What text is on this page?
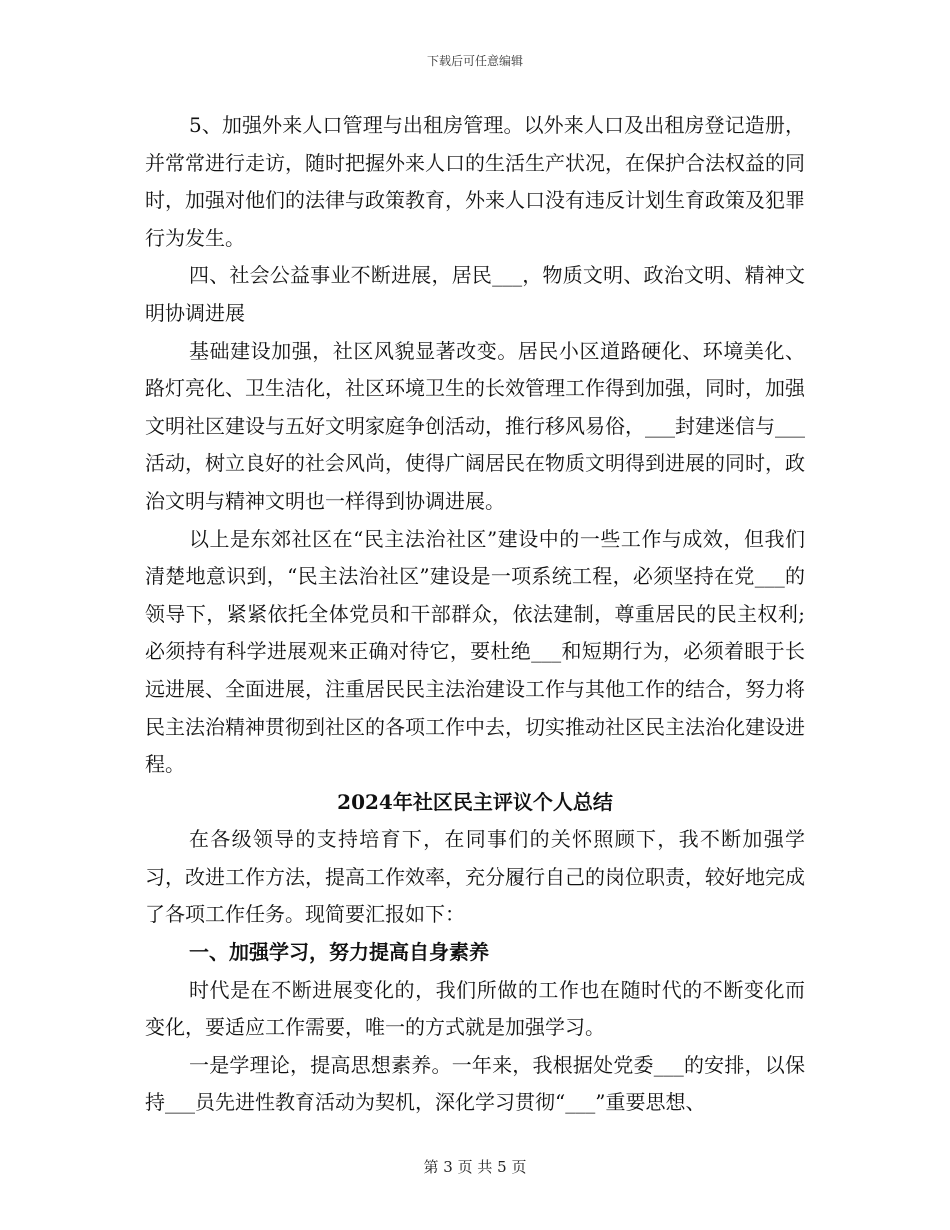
下载后可任意编辑

5、加强外来人口管理与出租房管理。以外来人口及出租房登记造册，并常常进行走访，随时把握外来人口的生活生产状况，在保护合法权益的同时，加强对他们的法律与政策教育，外来人口没有违反计划生育政策及犯罪行为发生。

四、社会公益事业不断进展，居民___，物质文明、政治文明、精神文明协调进展

基础建设加强，社区风貌显著改变。居民小区道路硬化、环境美化、路灯亮化、卫生洁化，社区环境卫生的长效管理工作得到加强，同时，加强文明社区建设与五好文明家庭争创活动，推行移风易俗，___封建迷信与___活动，树立良好的社会风尚，使得广阔居民在物质文明得到进展的同时，政治文明与精神文明也一样得到协调进展。

以上是东郊社区在“民主法治社区”建设中的一些工作与成效，但我们清楚地意识到，“民主法治社区”建设是一项系统工程，必须坚持在党___的领导下，紧紧依托全体党员和干部群众，依法建制，尊重居民的民主权利;必须持有科学进展观来正确对待它，要杜绝___和短期行为，必须着眼于长远进展、全面进展，注重居民民主法治建设工作与其他工作的结合，努力将民主法治精神贯彻到社区的各项工作中去，切实推动社区民主法治化建设进程。

2024年社区民主评议个人总结

在各级领导的支持培育下，在同事们的关怀照顾下，我不断加强学习，改进工作方法，提高工作效率，充分履行自己的岗位职责，较好地完成了各项工作任务。现简要汇报如下：

一、加强学习，努力提高自身素养

时代是在不断进展变化的，我们所做的工作也在随时代的不断变化而变化，要适应工作需要，唯一的方式就是加强学习。

一是学理论，提高思想素养。一年来，我根据处党委___的安排，以保持___员先进性教育活动为契机，深化学习贯彻“___”重要思想、

第 3 页 共 5 页
